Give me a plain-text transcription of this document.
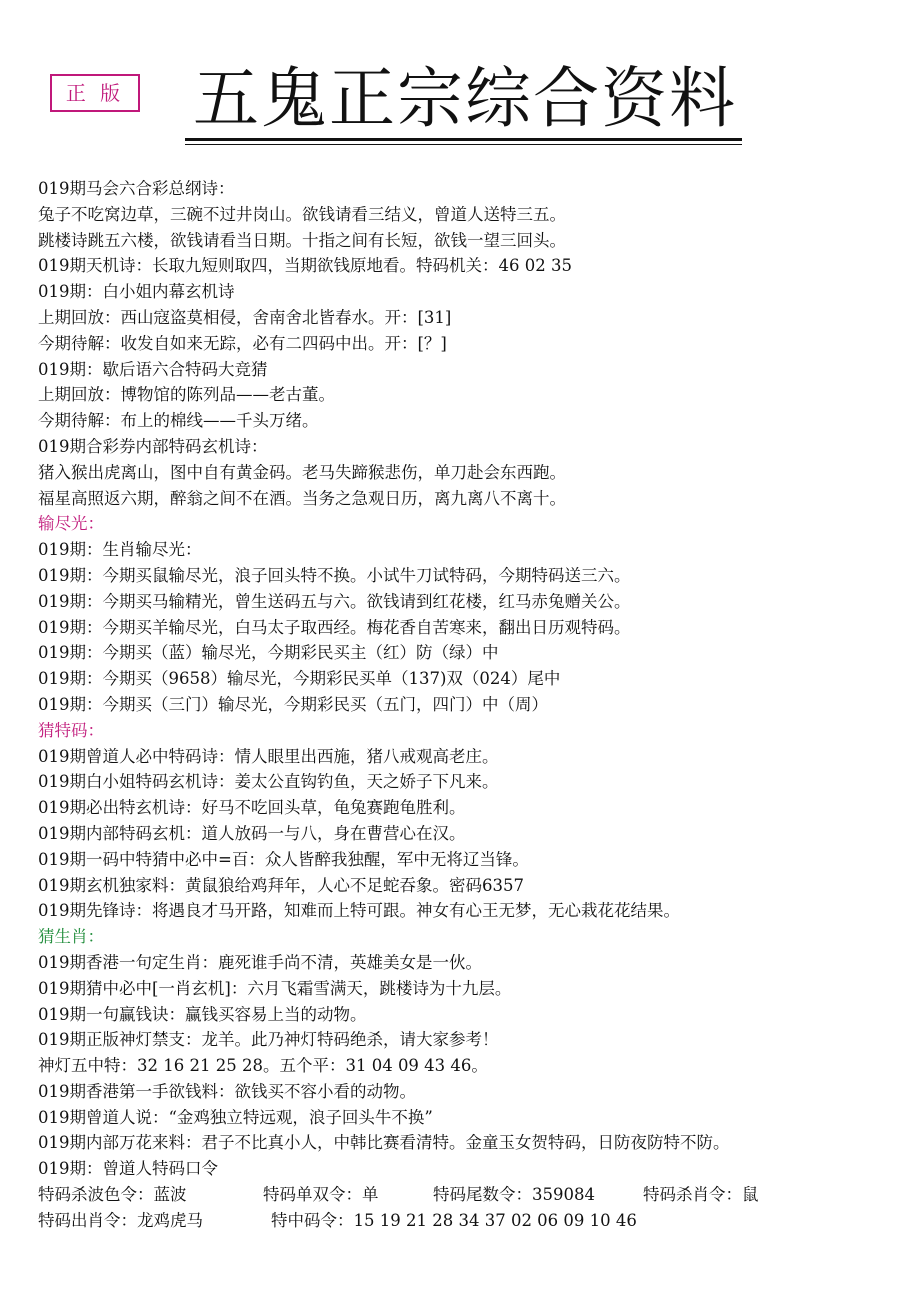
正 版 五鬼正宗综合资料
019期马会六合彩总纲诗：
兔子不吃窝边草，三碗不过井岗山。欲钱请看三结义，曾道人送特三五。
跳楼诗跳五六楼，欲钱请看当日期。十指之间有长短，欲钱一望三回头。
019期天机诗：长取九短则取四，当期欲钱原地看。特码机关：46 02 35
019期：白小姐内幕玄机诗
上期回放：西山寇盗莫相侵，舍南舍北皆春水。开：[31]
今期待解：收发自如来无踪，必有二四码中出。开：[？]
019期：歇后语六合特码大竞猜
上期回放：博物馆的陈列品——老古董。
今期待解：布上的棉线——千头万绪。
019期合彩券内部特码玄机诗：
猪入猴出虎离山，图中自有黄金码。老马失蹄猴悲伤，单刀赴会东西跑。
福星高照返六期，醉翁之间不在酒。当务之急观日历，离九离八不离十。
输尽光：
019期：生肖输尽光：
019期：今期买鼠输尽光，浪子回头特不换。小试牛刀试特码，今期特码送三六。
019期：今期买马输精光，曾生送码五与六。欲钱请到红花楼，红马赤兔赠关公。
019期：今期买羊输尽光，白马太子取西经。梅花香自苦寒来，翻出日历观特码。
019期：今期买（蓝）输尽光，今期彩民买主（红）防（绿）中
019期：今期买（9658）输尽光，今期彩民买单（137)双（024）尾中
019期：今期买（三门）输尽光，今期彩民买（五门，四门）中（周）
猜特码：
019期曾道人必中特码诗：情人眼里出西施，猪八戒观高老庄。
019期白小姐特码玄机诗：姜太公直钩钓鱼，天之娇子下凡来。
019期必出特玄机诗：好马不吃回头草，龟兔赛跑龟胜利。
019期内部特码玄机：道人放码一与八，身在曹营心在汉。
019期一码中特猜中必中=百：众人皆醉我独醒，军中无将辽当锋。
019期玄机独家料：黄鼠狼给鸡拜年，人心不足蛇吞象。密码6357
019期先锋诗：将遇良才马开路，知难而上特可跟。神女有心王无梦，无心栽花花结果。
猜生肖：
019期香港一句定生肖：鹿死谁手尚不清，英雄美女是一伙。
019期猜中必中[一肖玄机]：六月飞霜雪满天，跳楼诗为十九层。
019期一句赢钱诀：赢钱买容易上当的动物。
019期正版神灯禁支：龙羊。此乃神灯特码绝杀，请大家参考！
神灯五中特：32 16 21 25 28。五个平：31 04 09 43 46。
019期香港第一手欲钱料：欲钱买不容小看的动物。
019期曾道人说：“金鸡独立特远观，浪子回头牛不换”
019期内部万花来料：君子不比真小人，中韩比赛看清特。金童玉女贺特码，日防夜防特不防。
019期：曾道人特码口令
特码杀波色令：蓝波	特码单双令：单	特码尾数令：359084	特码杀肖令：鼠
特码出肖令：龙鸡虎马	特中码令：15 19 21 28 34 37 02 06 09 10 46
